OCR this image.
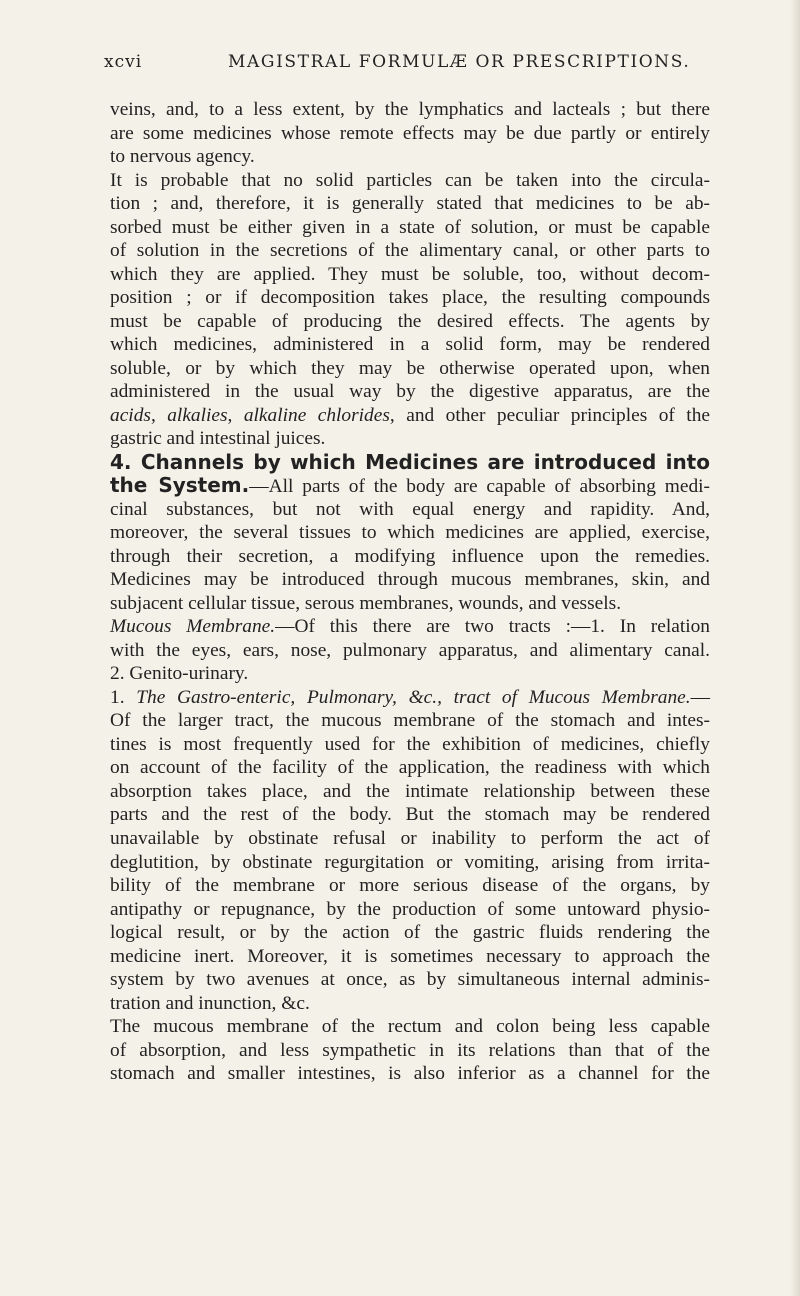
xcvi	MAGISTRAL FORMULÆ OR PRESCRIPTIONS.
veins, and, to a less extent, by the lymphatics and lacteals ; but there
are some medicines whose remote effects may be due partly or entirely
to nervous agency.
It is probable that no solid particles can be taken into the circula-
tion ; and, therefore, it is generally stated that medicines to be ab-
sorbed must be either given in a state of solution, or must be capable
of solution in the secretions of the alimentary canal, or other parts to
which they are applied. They must be soluble, too, without decom-
position ; or if decomposition takes place, the resulting compounds
must be capable of producing the desired effects. The agents by
which medicines, administered in a solid form, may be rendered
soluble, or by which they may be otherwise operated upon, when
administered in the usual way by the digestive apparatus, are the
acids, alkalies, alkaline chlorides, and other peculiar principles of the
gastric and intestinal juices.
4. Channels by which Medicines are introduced into
the System.—All parts of the body are capable of absorbing medi-
cinal substances, but not with equal energy and rapidity. And,
moreover, the several tissues to which medicines are applied, exercise,
through their secretion, a modifying influence upon the remedies.
Medicines may be introduced through mucous membranes, skin, and
subjacent cellular tissue, serous membranes, wounds, and vessels.
Mucous Membrane.—Of this there are two tracts :—1. In relation
with the eyes, ears, nose, pulmonary apparatus, and alimentary canal.
2. Genito-urinary.
1. The Gastro-enteric, Pulmonary, &c., tract of Mucous Membrane.—
Of the larger tract, the mucous membrane of the stomach and intes-
tines is most frequently used for the exhibition of medicines, chiefly
on account of the facility of the application, the readiness with which
absorption takes place, and the intimate relationship between these
parts and the rest of the body. But the stomach may be rendered
unavailable by obstinate refusal or inability to perform the act of
deglutition, by obstinate regurgitation or vomiting, arising from irrita-
bility of the membrane or more serious disease of the organs, by
antipathy or repugnance, by the production of some untoward physio-
logical result, or by the action of the gastric fluids rendering the
medicine inert. Moreover, it is sometimes necessary to approach the
system by two avenues at once, as by simultaneous internal adminis-
tration and inunction, &c.
The mucous membrane of the rectum and colon being less capable
of absorption, and less sympathetic in its relations than that of the
stomach and smaller intestines, is also inferior as a channel for the
